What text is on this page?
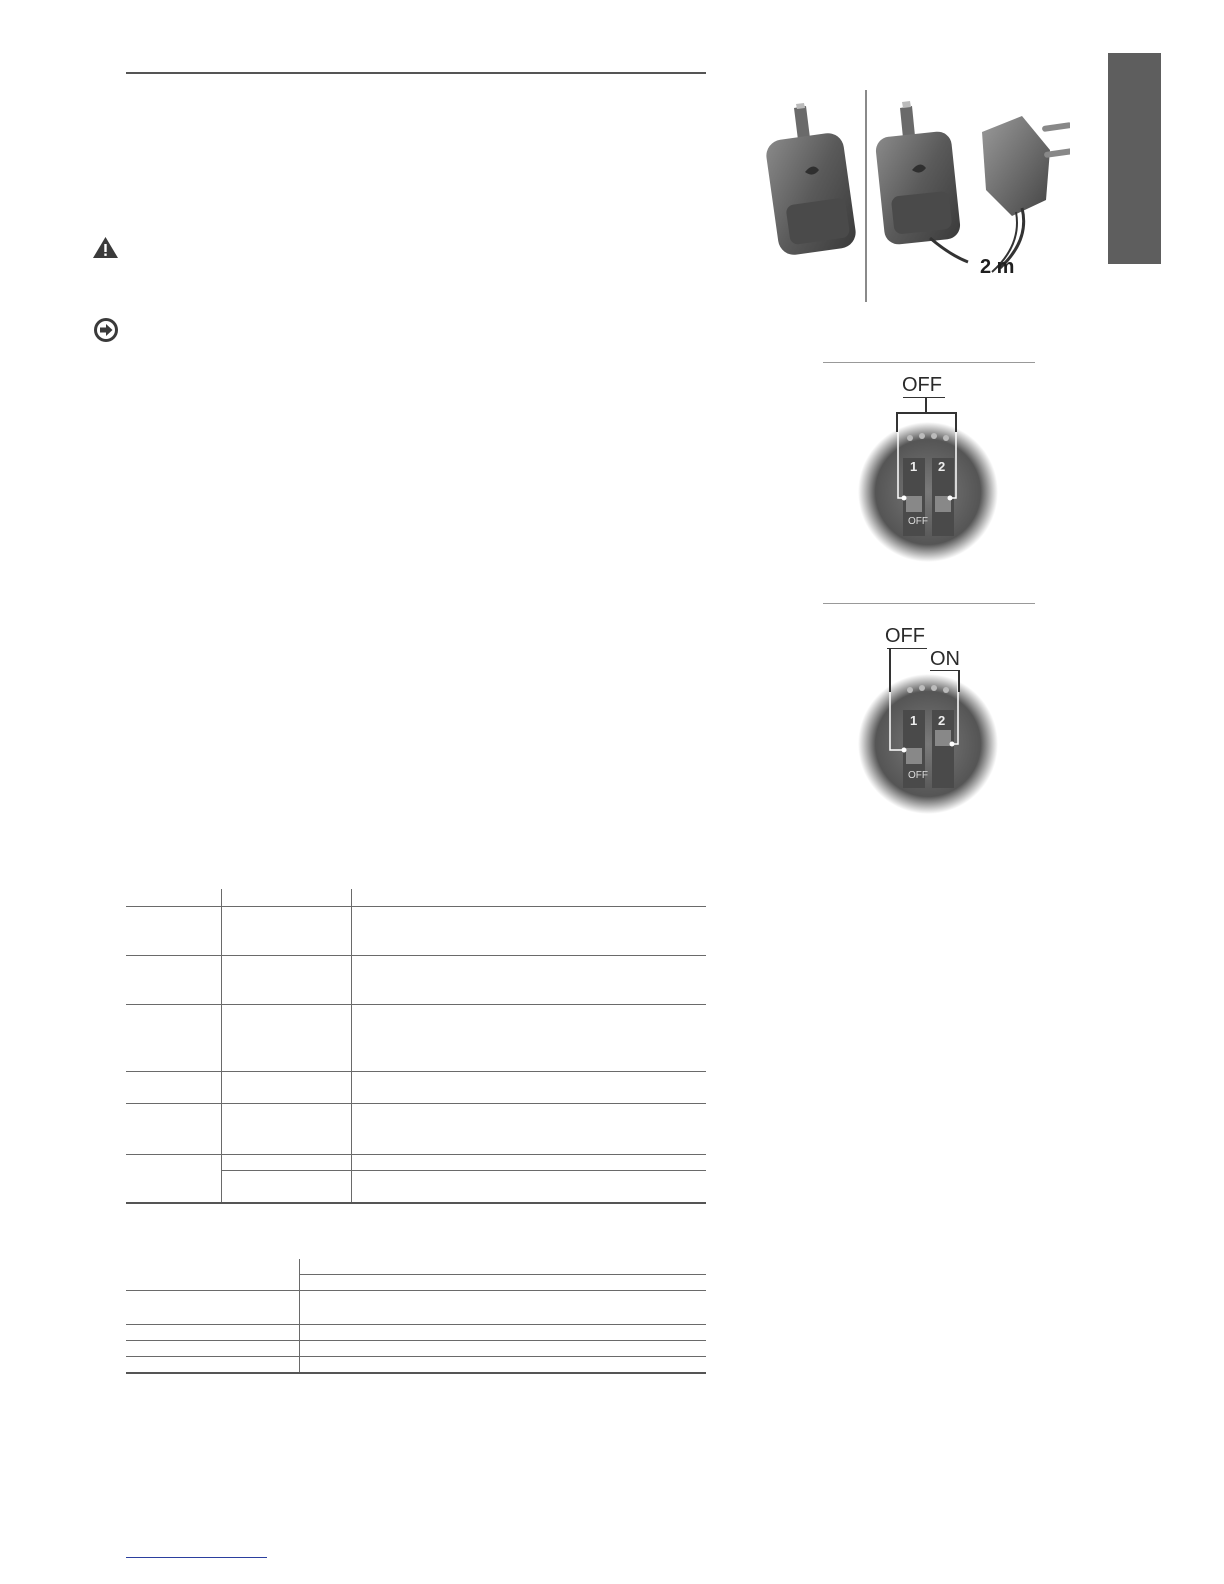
2 m
1 2
OFF
OFF
1 2
OFF
OFF
ON
